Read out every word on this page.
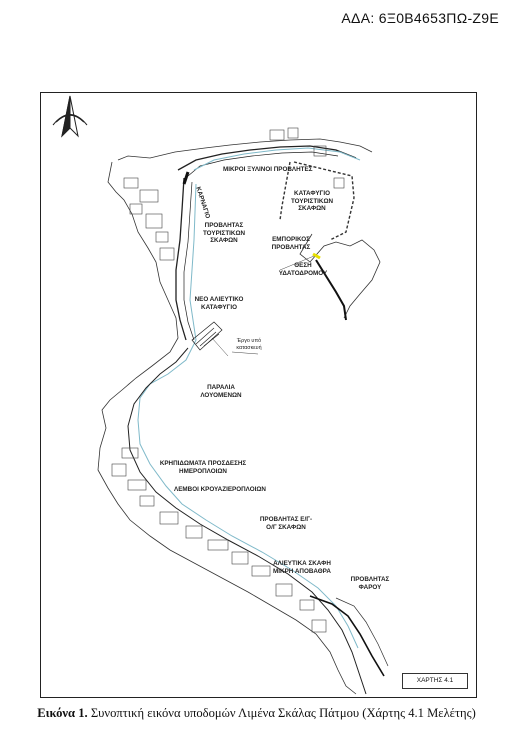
ΑΔΑ: 6Ξ0Β4653ΠΩ-Ζ9Ε
ΜΙΚΡΟΙ ΞΥΛΙΝΟΙ ΠΡΟΒΛΗΤΕΣ
ΚΑΡΝΑΓΙΟ	ΚΑΤΑΦΥΓΙΟ ΤΟΥΡΙΣΤΙΚΩΝ ΣΚΑΦΩΝ
ΠΡΟΒΛΗΤΑΣ ΤΟΥΡΙΣΤΙΚΩΝ ΣΚΑΦΩΝ	ΕΜΠΟΡΙΚΟΣ ΠΡΟΒΛΗΤΑΣ
ΘΕΣΗ ΥΔΑΤΟΔΡΟΜΟΥ
ΝΕΟ ΑΛΙΕΥΤΙΚΟ ΚΑΤΑΦΥΓΙΟ
Έργο υπό κατασκευή
ΠΑΡΑΛΙΑ ΛΟΥΟΜΕΝΩΝ
ΚΡΗΠΙΔΩΜΑΤΑ ΠΡΟΣΔΕΣΗΣ ΗΜΕΡΟΠΛΟΙΩΝ
ΛΕΜΒΟΙ ΚΡΟΥΑΖΙΕΡΟΠΛΟΙΩΝ
ΠΡΟΒΛΗΤΑΣ Ε/Γ-Ο/Γ ΣΚΑΦΩΝ
ΑΛΙΕΥΤΙΚΑ ΣΚΑΦΗ ΜΙΚΡΗ ΑΠΟΒΑΘΡΑ
ΠΡΟΒΛΗΤΑΣ ΦΑΡΟΥ
ΧΑΡΤΗΣ 4.1
Εικόνα 1. Συνοπτική εικόνα υποδομών Λιμένα Σκάλας Πάτμου (Χάρτης 4.1 Μελέτης)
